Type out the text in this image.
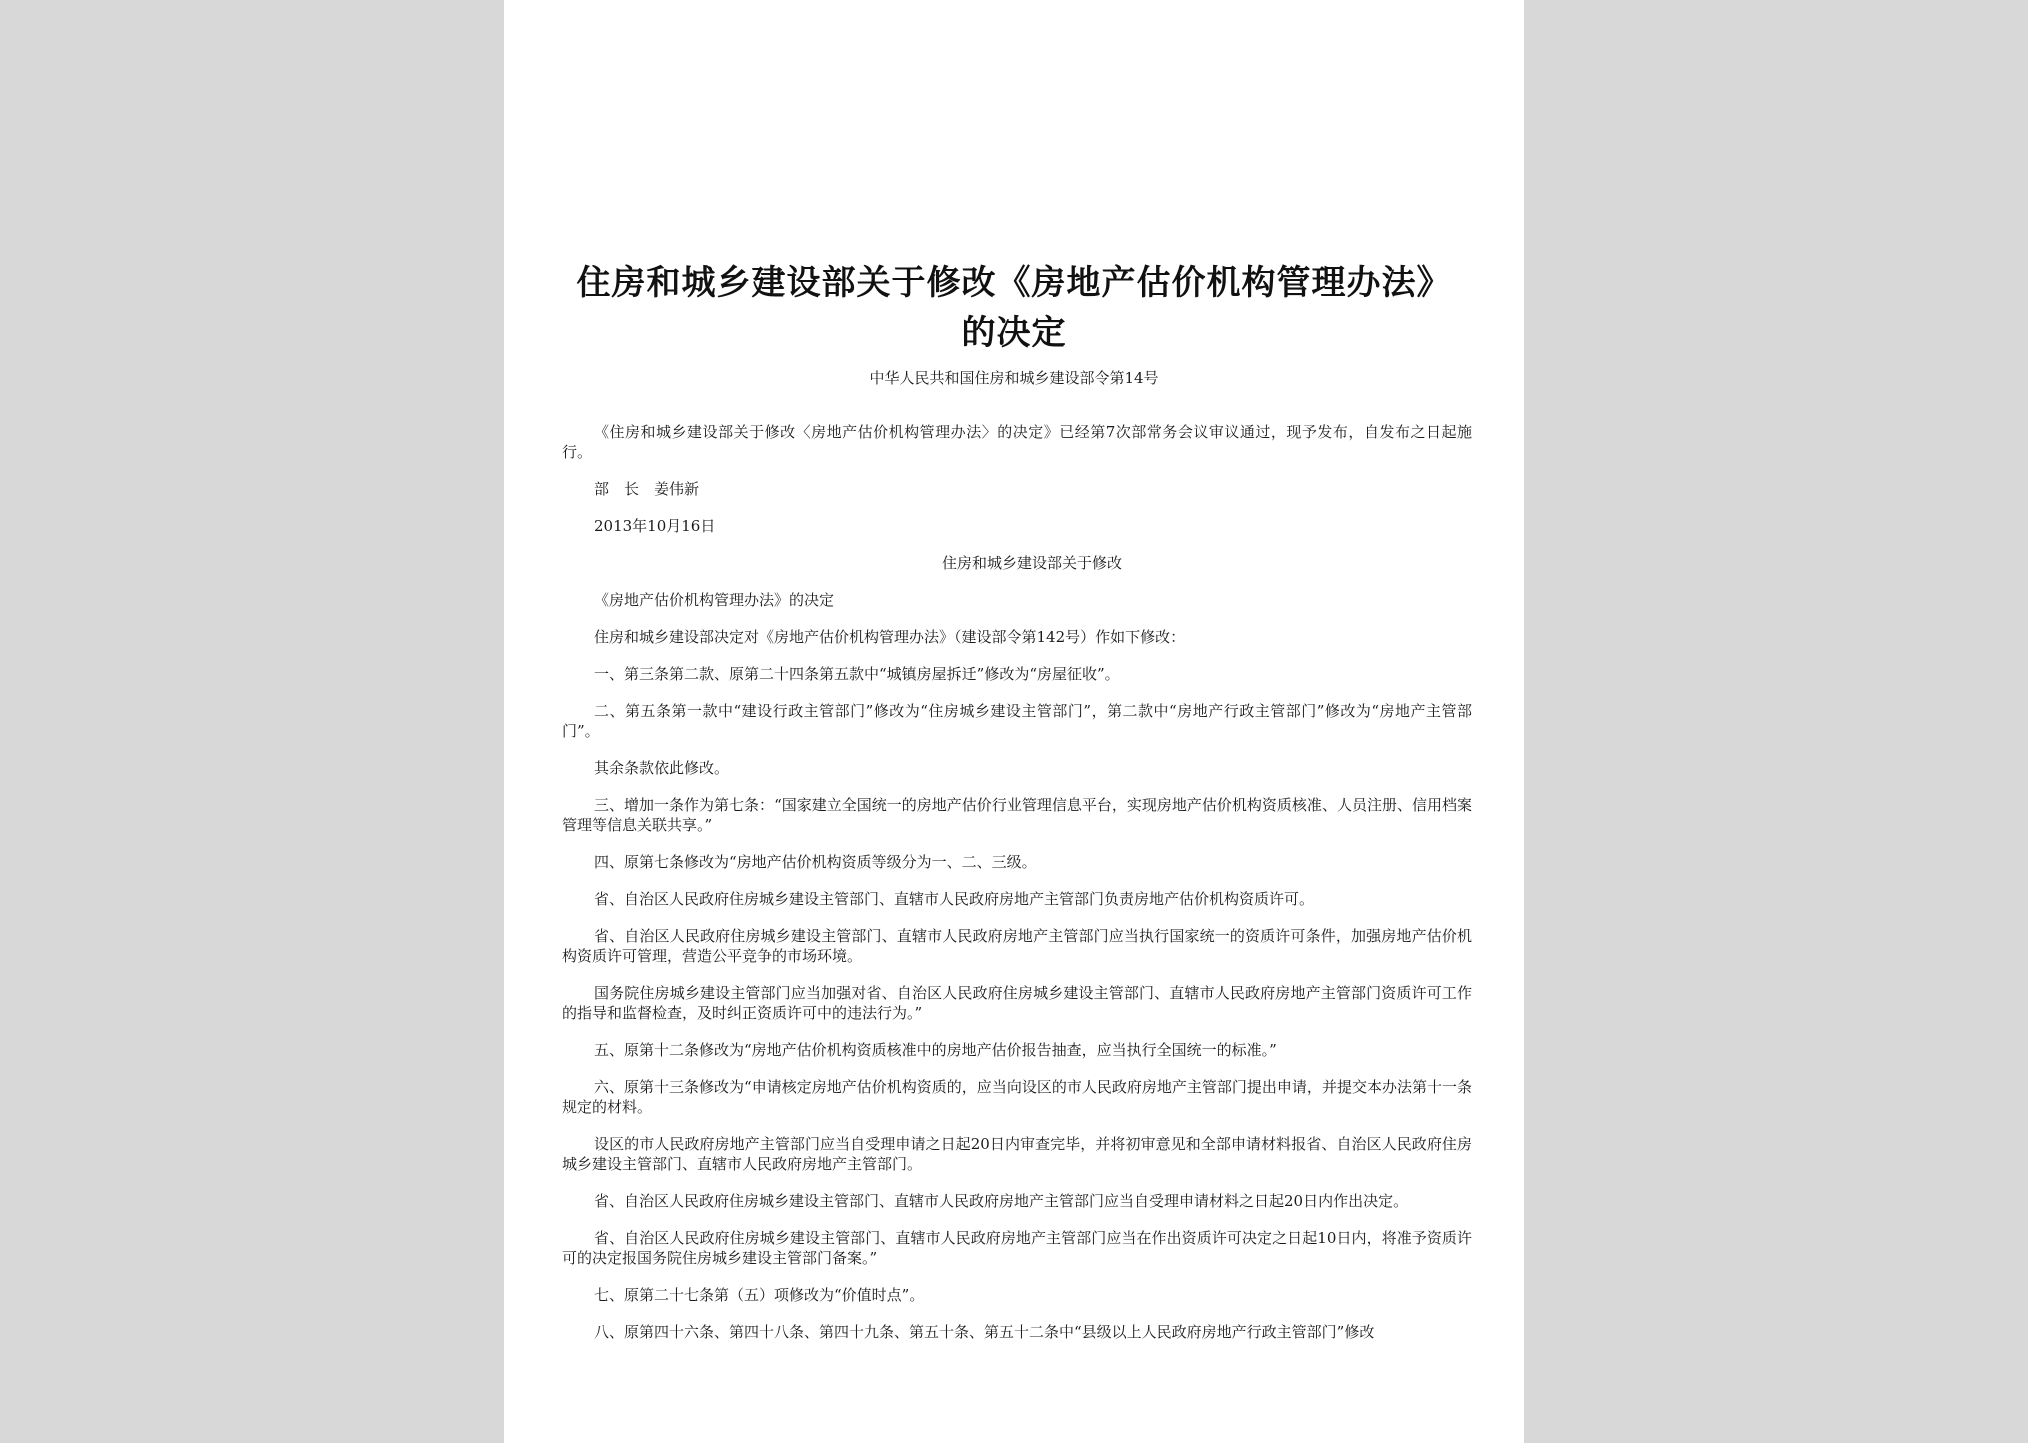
住房和城乡建设部关于修改《房地产估价机构管理办法》的决定
中华人民共和国住房和城乡建设部令第14号

《住房和城乡建设部关于修改〈房地产估价机构管理办法〉的决定》已经第7次部常务会议审议通过，现予发布，自发布之日起施行。

部　长　姜伟新

2013年10月16日

住房和城乡建设部关于修改

《房地产估价机构管理办法》的决定

住房和城乡建设部决定对《房地产估价机构管理办法》（建设部令第142号）作如下修改：

一、第三条第二款、原第二十四条第五款中“城镇房屋拆迁”修改为“房屋征收”。

二、第五条第一款中“建设行政主管部门”修改为“住房城乡建设主管部门”，第二款中“房地产行政主管部门”修改为“房地产主管部门”。

其余条款依此修改。

三、增加一条作为第七条：“国家建立全国统一的房地产估价行业管理信息平台，实现房地产估价机构资质核准、人员注册、信用档案管理等信息关联共享。”

四、原第七条修改为“房地产估价机构资质等级分为一、二、三级。

省、自治区人民政府住房城乡建设主管部门、直辖市人民政府房地产主管部门负责房地产估价机构资质许可。

省、自治区人民政府住房城乡建设主管部门、直辖市人民政府房地产主管部门应当执行国家统一的资质许可条件，加强房地产估价机构资质许可管理，营造公平竞争的市场环境。

国务院住房城乡建设主管部门应当加强对省、自治区人民政府住房城乡建设主管部门、直辖市人民政府房地产主管部门资质许可工作的指导和监督检查，及时纠正资质许可中的违法行为。”

五、原第十二条修改为“房地产估价机构资质核准中的房地产估价报告抽查，应当执行全国统一的标准。”

六、原第十三条修改为“申请核定房地产估价机构资质的，应当向设区的市人民政府房地产主管部门提出申请，并提交本办法第十一条规定的材料。

设区的市人民政府房地产主管部门应当自受理申请之日起20日内审查完毕，并将初审意见和全部申请材料报省、自治区人民政府住房城乡建设主管部门、直辖市人民政府房地产主管部门。

省、自治区人民政府住房城乡建设主管部门、直辖市人民政府房地产主管部门应当自受理申请材料之日起20日内作出决定。

省、自治区人民政府住房城乡建设主管部门、直辖市人民政府房地产主管部门应当在作出资质许可决定之日起10日内，将准予资质许可的决定报国务院住房城乡建设主管部门备案。”

七、原第二十七条第（五）项修改为“价值时点”。

八、原第四十六条、第四十八条、第四十九条、第五十条、第五十二条中“县级以上人民政府房地产行政主管部门”修改
